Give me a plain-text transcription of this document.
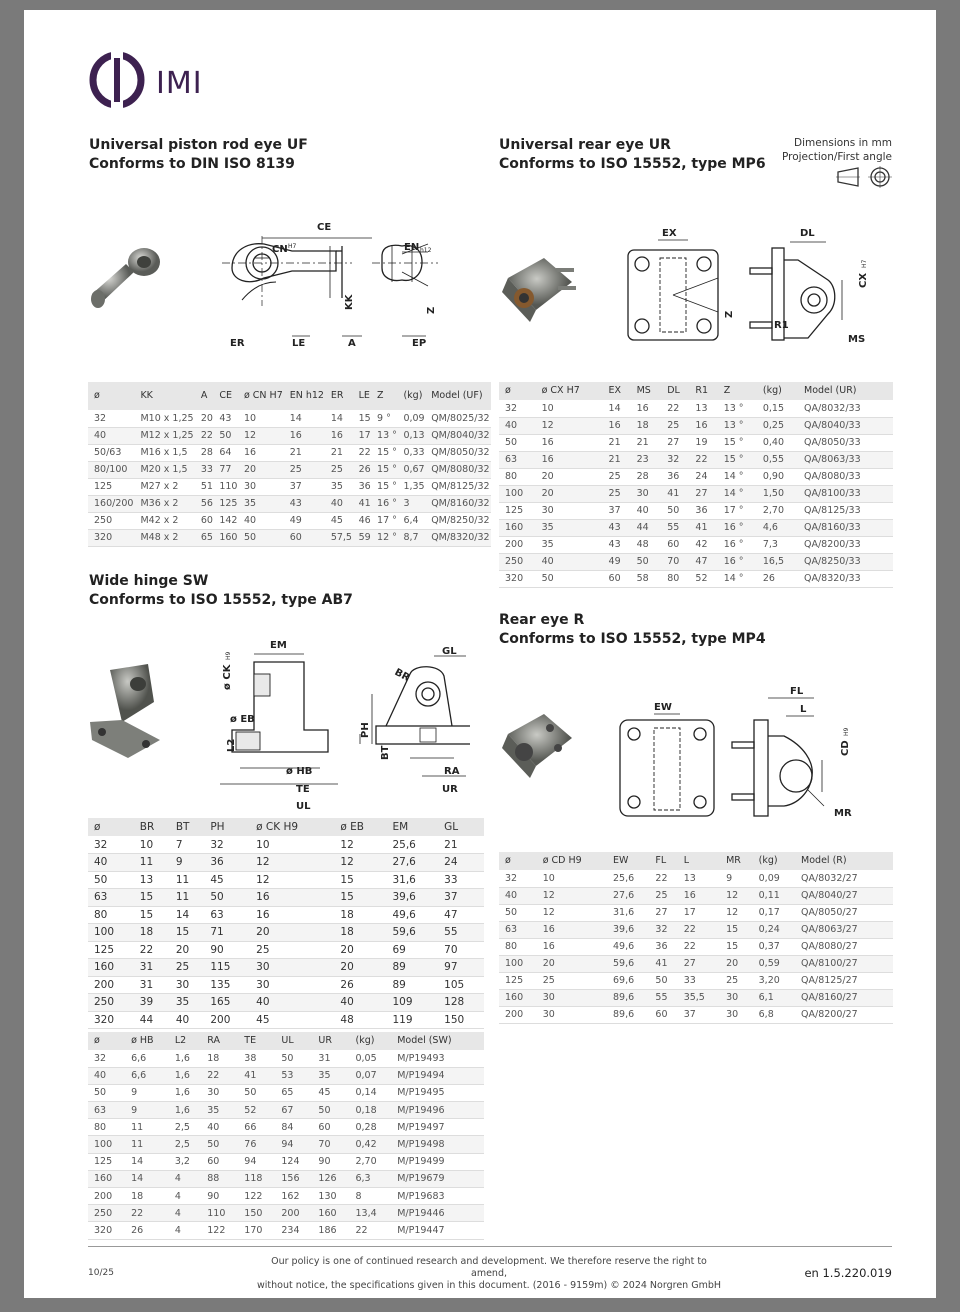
IMI
Universal piston rod eye UF
Conforms to DIN ISO 8139
Universal rear eye UR
Conforms to ISO 15552, type MP6
Dimensions in mm
Projection/First angle
CE
CN H7	EN h12
KK
ER	LE	A	EP
Z
EX	DL
CX
H7
Z
R1
MS
ø	KK	A	CE	ø CN H7	EN h12	ER	LE	Z	(kg)	Model (UF)
32	M10 x 1,25	20	43	10	14	14	15	9 °	0,09	QM/8025/32
40	M12 x 1,25	22	50	12	16	16	17	13 °	0,13	QM/8040/32
50/63	M16 x 1,5	28	64	16	21	21	22	15 °	0,33	QM/8050/32
80/100	M20 x 1,5	33	77	20	25	25	26	15 °	0,67	QM/8080/32
125	M27 x 2	51	110	30	37	35	36	15 °	1,35	QM/8125/32
160/200	M36 x 2	56	125	35	43	40	41	16 °	3	QM/8160/32
250	M42 x 2	60	142	40	49	45	46	17 °	6,4	QM/8250/32
320	M48 x 2	65	160	50	60	57,5	59	12 °	8,7	QM/8320/32
ø	ø CX H7	EX	MS	DL	R1	Z	(kg)	Model (UR)
32	10	14	16	22	13	13 °	0,15	QA/8032/33
40	12	16	18	25	16	13 °	0,25	QA/8040/33
50	16	21	21	27	19	15 °	0,40	QA/8050/33
63	16	21	23	32	22	15 °	0,55	QA/8063/33
80	20	25	28	36	24	14 °	0,90	QA/8080/33
100	20	25	30	41	27	14 °	1,50	QA/8100/33
125	30	37	40	50	36	17 °	2,70	QA/8125/33
160	35	43	44	55	41	16 °	4,6	QA/8160/33
200	35	43	48	60	42	16 °	7,3	QA/8200/33
250	40	49	50	70	47	16 °	16,5	QA/8250/33
320	50	60	58	80	52	14 °	26	QA/8320/33
Wide hinge SW
Conforms to ISO 15552, type AB7
Rear eye R
Conforms to ISO 15552, type MP4
EM
ø CK
H9
ø EB
L2
ø HB
TE
UL
GL
BR
PH
BT
RA
UR
EW
FL
L
CD
H9
MR
ø	BR	BT	PH	ø CK H9	ø EB	EM	GL
32	10	7	32	10	12	25,6	21
40	11	9	36	12	12	27,6	24
50	13	11	45	12	15	31,6	33
63	15	11	50	16	15	39,6	37
80	15	14	63	16	18	49,6	47
100	18	15	71	20	18	59,6	55
125	22	20	90	25	20	69	70
160	31	25	115	30	20	89	97
200	31	30	135	30	26	89	105
250	39	35	165	40	40	109	128
320	44	40	200	45	48	119	150
ø	ø HB	L2	RA	TE	UL	UR	(kg)	Model (SW)
32	6,6	1,6	18	38	50	31	0,05	M/P19493
40	6,6	1,6	22	41	53	35	0,07	M/P19494
50	9	1,6	30	50	65	45	0,14	M/P19495
63	9	1,6	35	52	67	50	0,18	M/P19496
80	11	2,5	40	66	84	60	0,28	M/P19497
100	11	2,5	50	76	94	70	0,42	M/P19498
125	14	3,2	60	94	124	90	2,70	M/P19499
160	14	4	88	118	156	126	6,3	M/P19679
200	18	4	90	122	162	130	8	M/P19683
250	22	4	110	150	200	160	13,4	M/P19446
320	26	4	122	170	234	186	22	M/P19447
ø	ø CD H9	EW	FL	L	MR	(kg)	Model (R)
32	10	25,6	22	13	9	0,09	QA/8032/27
40	12	27,6	25	16	12	0,11	QA/8040/27
50	12	31,6	27	17	12	0,17	QA/8050/27
63	16	39,6	32	22	15	0,24	QA/8063/27
80	16	49,6	36	22	15	0,37	QA/8080/27
100	20	59,6	41	27	20	0,59	QA/8100/27
125	25	69,6	50	33	25	3,20	QA/8125/27
160	30	89,6	55	35,5	30	6,1	QA/8160/27
200	30	89,6	60	37	30	6,8	QA/8200/27
10/25
Our policy is one of continued research and development. We therefore reserve the right to amend,
without notice, the specifications given in this document. (2016 - 9159m) © 2024 Norgren GmbH
en 1.5.220.019
